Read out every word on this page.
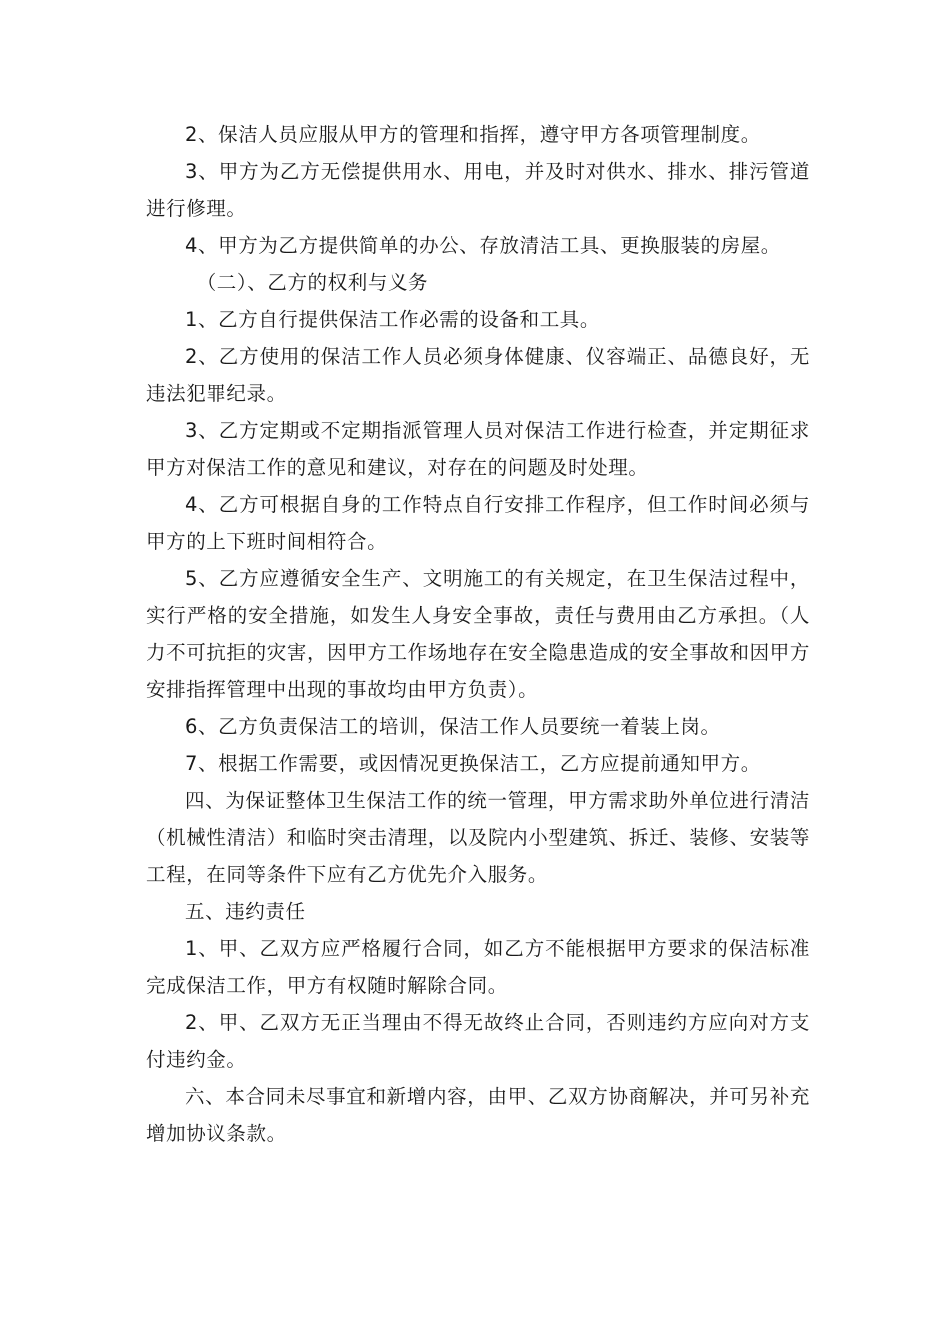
2、保洁人员应服从甲方的管理和指挥，遵守甲方各项管理制度。

3、甲方为乙方无偿提供用水、用电，并及时对供水、排水、排污管道进行修理。

4、甲方为乙方提供简单的办公、存放清洁工具、更换服装的房屋。

（二）、乙方的权利与义务

1、乙方自行提供保洁工作必需的设备和工具。

2、乙方使用的保洁工作人员必须身体健康、仪容端正、品德良好，无违法犯罪纪录。

3、乙方定期或不定期指派管理人员对保洁工作进行检查，并定期征求甲方对保洁工作的意见和建议，对存在的问题及时处理。

4、乙方可根据自身的工作特点自行安排工作程序，但工作时间必须与甲方的上下班时间相符合。

5、乙方应遵循安全生产、文明施工的有关规定，在卫生保洁过程中，实行严格的安全措施，如发生人身安全事故，责任与费用由乙方承担。（人力不可抗拒的灾害，因甲方工作场地存在安全隐患造成的安全事故和因甲方安排指挥管理中出现的事故均由甲方负责）。

6、乙方负责保洁工的培训，保洁工作人员要统一着装上岗。

7、根据工作需要，或因情况更换保洁工，乙方应提前通知甲方。

四、为保证整体卫生保洁工作的统一管理，甲方需求助外单位进行清洁（机械性清洁）和临时突击清理，以及院内小型建筑、拆迁、装修、安装等工程，在同等条件下应有乙方优先介入服务。

五、违约责任

1、甲、乙双方应严格履行合同，如乙方不能根据甲方要求的保洁标准完成保洁工作，甲方有权随时解除合同。

2、甲、乙双方无正当理由不得无故终止合同，否则违约方应向对方支付违约金。

六、本合同未尽事宜和新增内容，由甲、乙双方协商解决，并可另补充增加协议条款。
